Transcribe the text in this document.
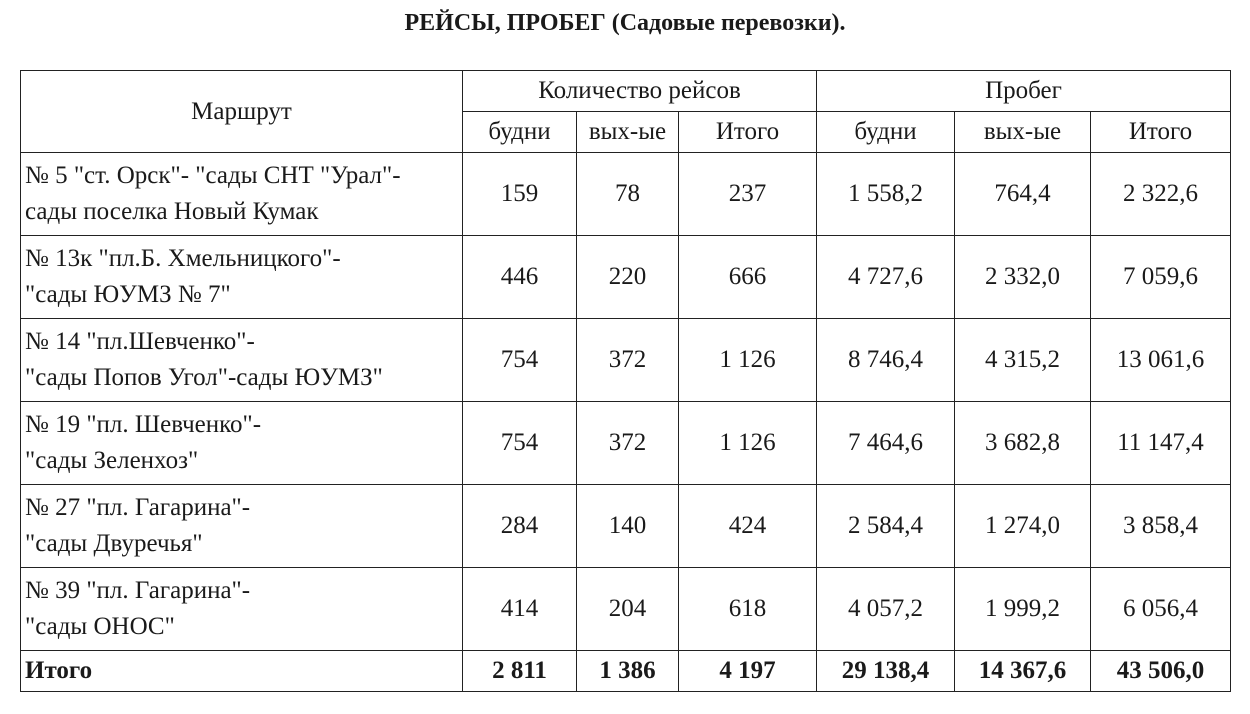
РЕЙСЫ, ПРОБЕГ (Садовые перевозки).
Маршрут	Количество рейсов			Пробег		
	будни	вых-ые	Итого	будни	вых-ые	Итого

№ 5 "ст. Орск"- "сады СНТ "Урал"-
сады поселка Новый Кумак	159	78	237	1 558,2	764,4	2 322,6

№ 13к "пл.Б. Хмельницкого"-
"сады ЮУМЗ № 7"	446	220	666	4 727,6	2 332,0	7 059,6

№ 14 "пл.Шевченко"-
"сады Попов Угол"-сады ЮУМЗ"	754	372	1 126	8 746,4	4 315,2	13 061,6

№ 19 "пл. Шевченко"-
"сады Зеленхоз"	754	372	1 126	7 464,6	3 682,8	11 147,4

№ 27 "пл. Гагарина"-
"сады Двуречья"	284	140	424	2 584,4	1 274,0	3 858,4

№ 39 "пл. Гагарина"-
"сады ОНОС"	414	204	618	4 057,2	1 999,2	6 056,4
Итого	2 811	1 386	4 197	29 138,4	14 367,6	43 506,0
